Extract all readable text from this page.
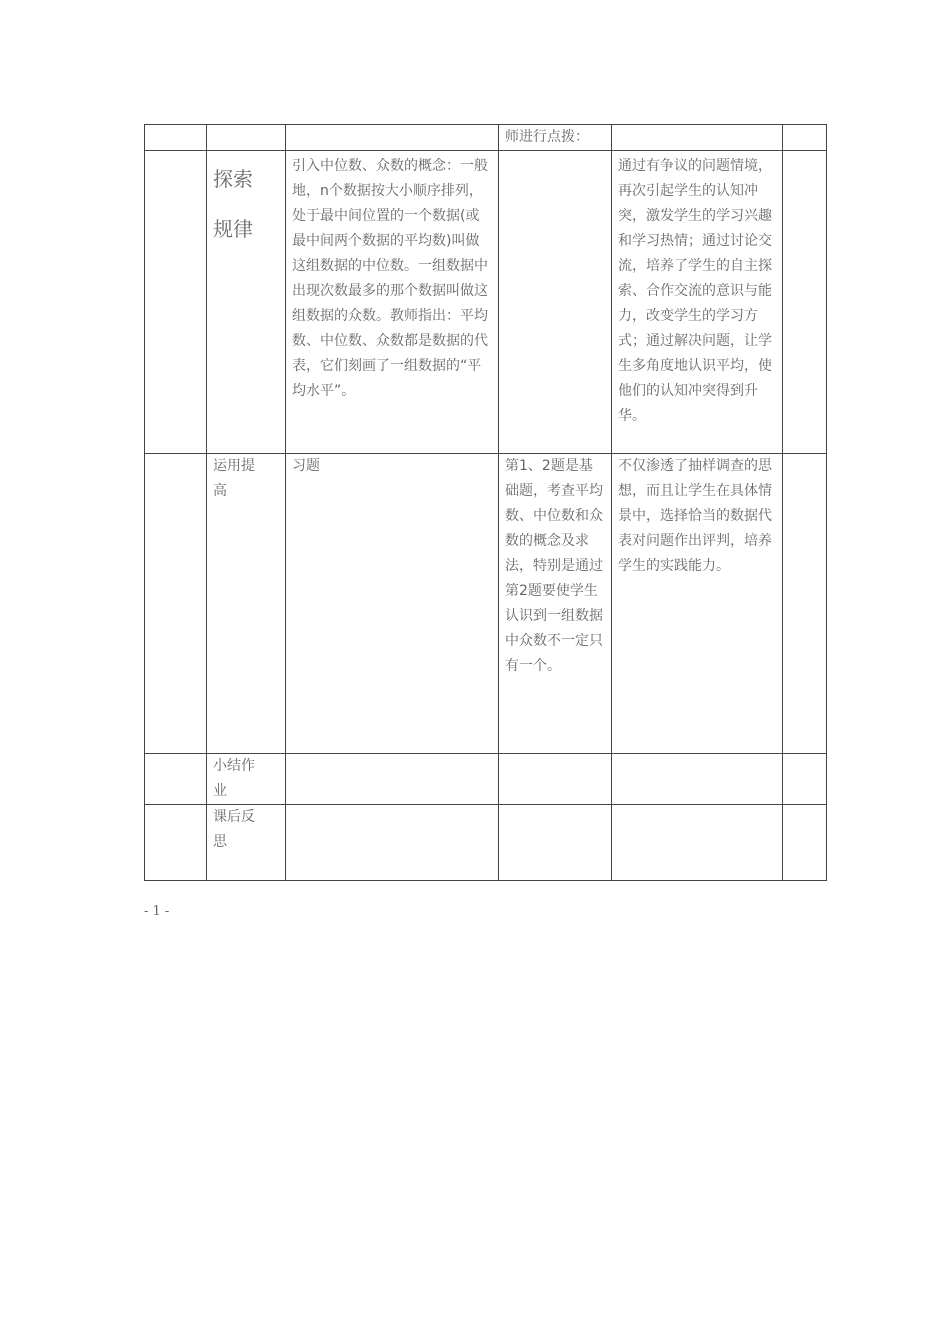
			师进行点拨：		

	探索规律	引入中位数、众数的概念：一般地，n个数据按大小顺序排列，处于最中间位置的一个数据(或最中间两个数据的平均数)叫做这组数据的中位数。一组数据中出现次数最多的那个数据叫做这组数据的众数。教师指出：平均数、中位数、众数都是数据的代表，它们刻画了一组数据的“平均水平”。		通过有争议的问题情境，再次引起学生的认知冲突，激发学生的学习兴趣和学习热情；通过讨论交流，培养了学生的自主探索、合作交流的意识与能力，改变学生的学习方式；通过解决问题，让学生多角度地认识平均，使他们的认知冲突得到升华。	

	运用提高	习题	第1、2题是基础题，考查平均数、中位数和众数的概念及求法，特别是通过第2题要使学生认识到一组数据中众数不一定只有一个。	不仅渗透了抽样调查的思想，而且让学生在具体情景中，选择恰当的数据代表对问题作出评判，培养学生的实践能力。	

	小结作业				

	课后反思				

- 1 -
